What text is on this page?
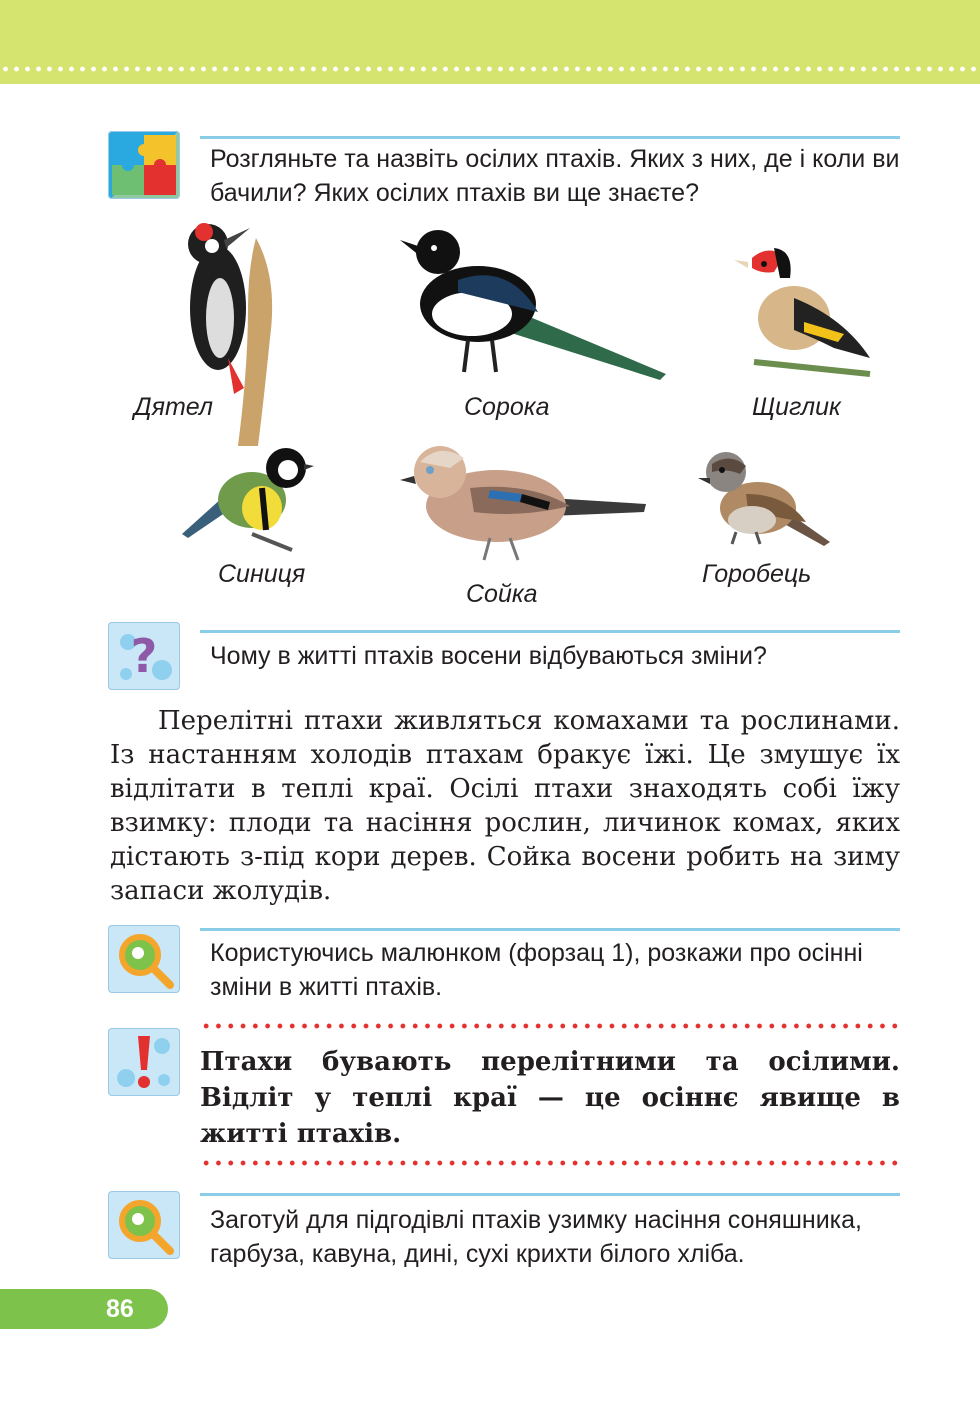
Розгляньте та назвіть осілих птахів. Яких з них, де і коли ви бачили? Яких осілих птахів ви ще знаєте?
Дятел	Сорока	Щиглик
Синиця
Сойка
Горобець
? Чому в житті птахів восени відбуваються зміни?

Перелітні птахи живляться комахами та рослинами. Із настанням холодів птахам бракує їжі. Це змушує їх відлітати в теплі краї. Осілі птахи знаходять собі їжу взимку: плоди та насіння рослин, личинок комах, яких дістають з-під кори дерев. Сойка восени робить на зиму запаси жолудів.

Користуючись малюнком (форзац 1), розкажи про осінні зміни в житті птахів.
Птахи бувають перелітними та осілими. Відліт у теплі краї — це осіннє явище в житті птахів.
Заготуй для підгодівлі птахів узимку насіння соняшника, гарбуза, кавуна, дині, сухі крихти білого хліба.
86
